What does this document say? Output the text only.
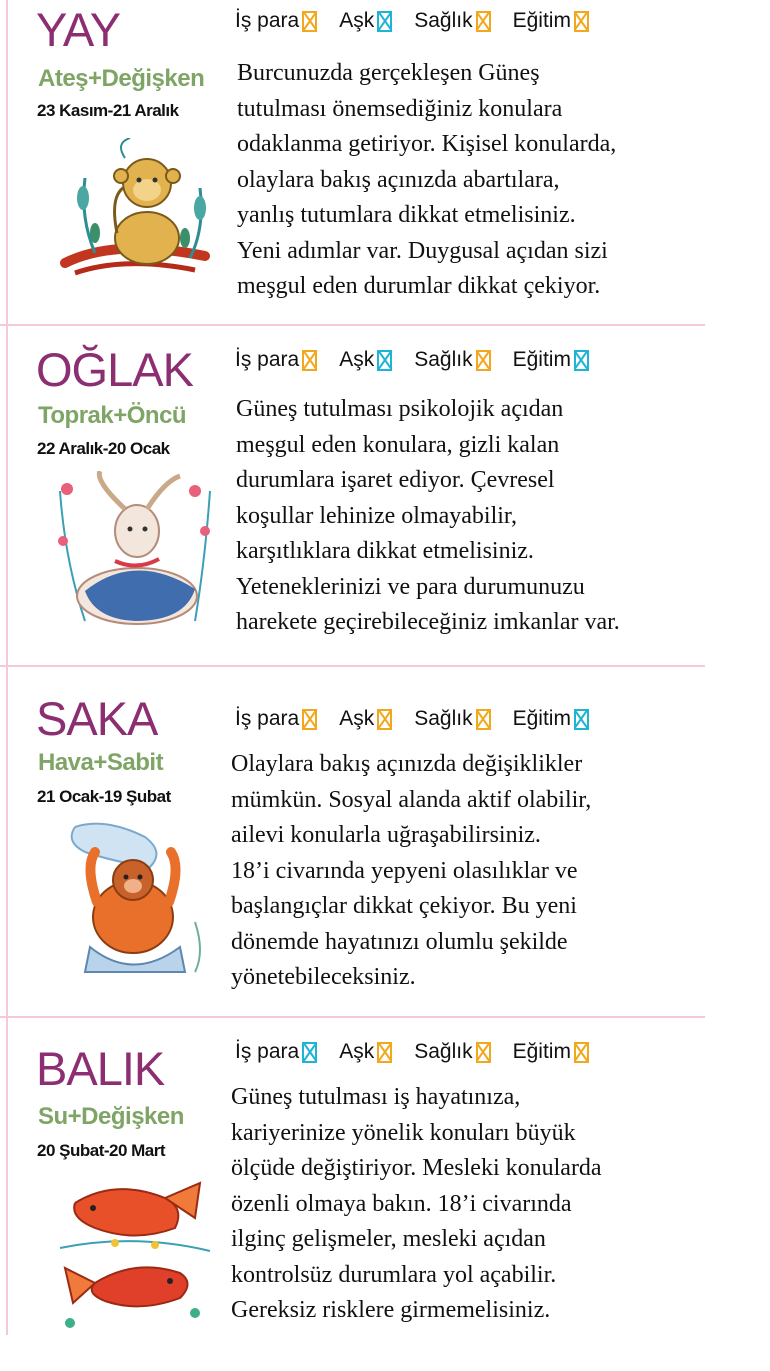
YAY
Ateş+Değişken
23 Kasım-21 Aralık
İş para Aşk Sağlık Eğitim
Burcunuzda gerçekleşen Güneş
tutulması önemsediğiniz konulara
odaklanma getiriyor. Kişisel konularda,
olaylara bakış açınızda abartılara,
yanlış tutumlara dikkat etmelisiniz.
Yeni adımlar var. Duygusal açıdan sizi
meşgul eden durumlar dikkat çekiyor.
OĞLAK
Toprak+Öncü
22 Aralık-20 Ocak
İş para Aşk Sağlık Eğitim
Güneş tutulması psikolojik açıdan
meşgul eden konulara, gizli kalan
durumlara işaret ediyor. Çevresel
koşullar lehinize olmayabilir,
karşıtlıklara dikkat etmelisiniz.
Yeteneklerinizi ve para durumunuzu
harekete geçirebileceğiniz imkanlar var.
SAKA
Hava+Sabit
21 Ocak-19 Şubat
İş para Aşk Sağlık Eğitim
Olaylara bakış açınızda değişiklikler
mümkün. Sosyal alanda aktif olabilir,
ailevi konularla uğraşabilirsiniz.
18’i civarında yepyeni olasılıklar ve
başlangıçlar dikkat çekiyor. Bu yeni
dönemde hayatınızı olumlu şekilde
yönetebileceksiniz.
BALIK
Su+Değişken
20 Şubat-20 Mart
İş para Aşk Sağlık Eğitim
Güneş tutulması iş hayatınıza,
kariyerinize yönelik konuları büyük
ölçüde değiştiriyor. Mesleki konularda
özenli olmaya bakın. 18’i civarında
ilginç gelişmeler, mesleki açıdan
kontrolsüz durumlara yol açabilir.
Gereksiz risklere girmemelisiniz.
